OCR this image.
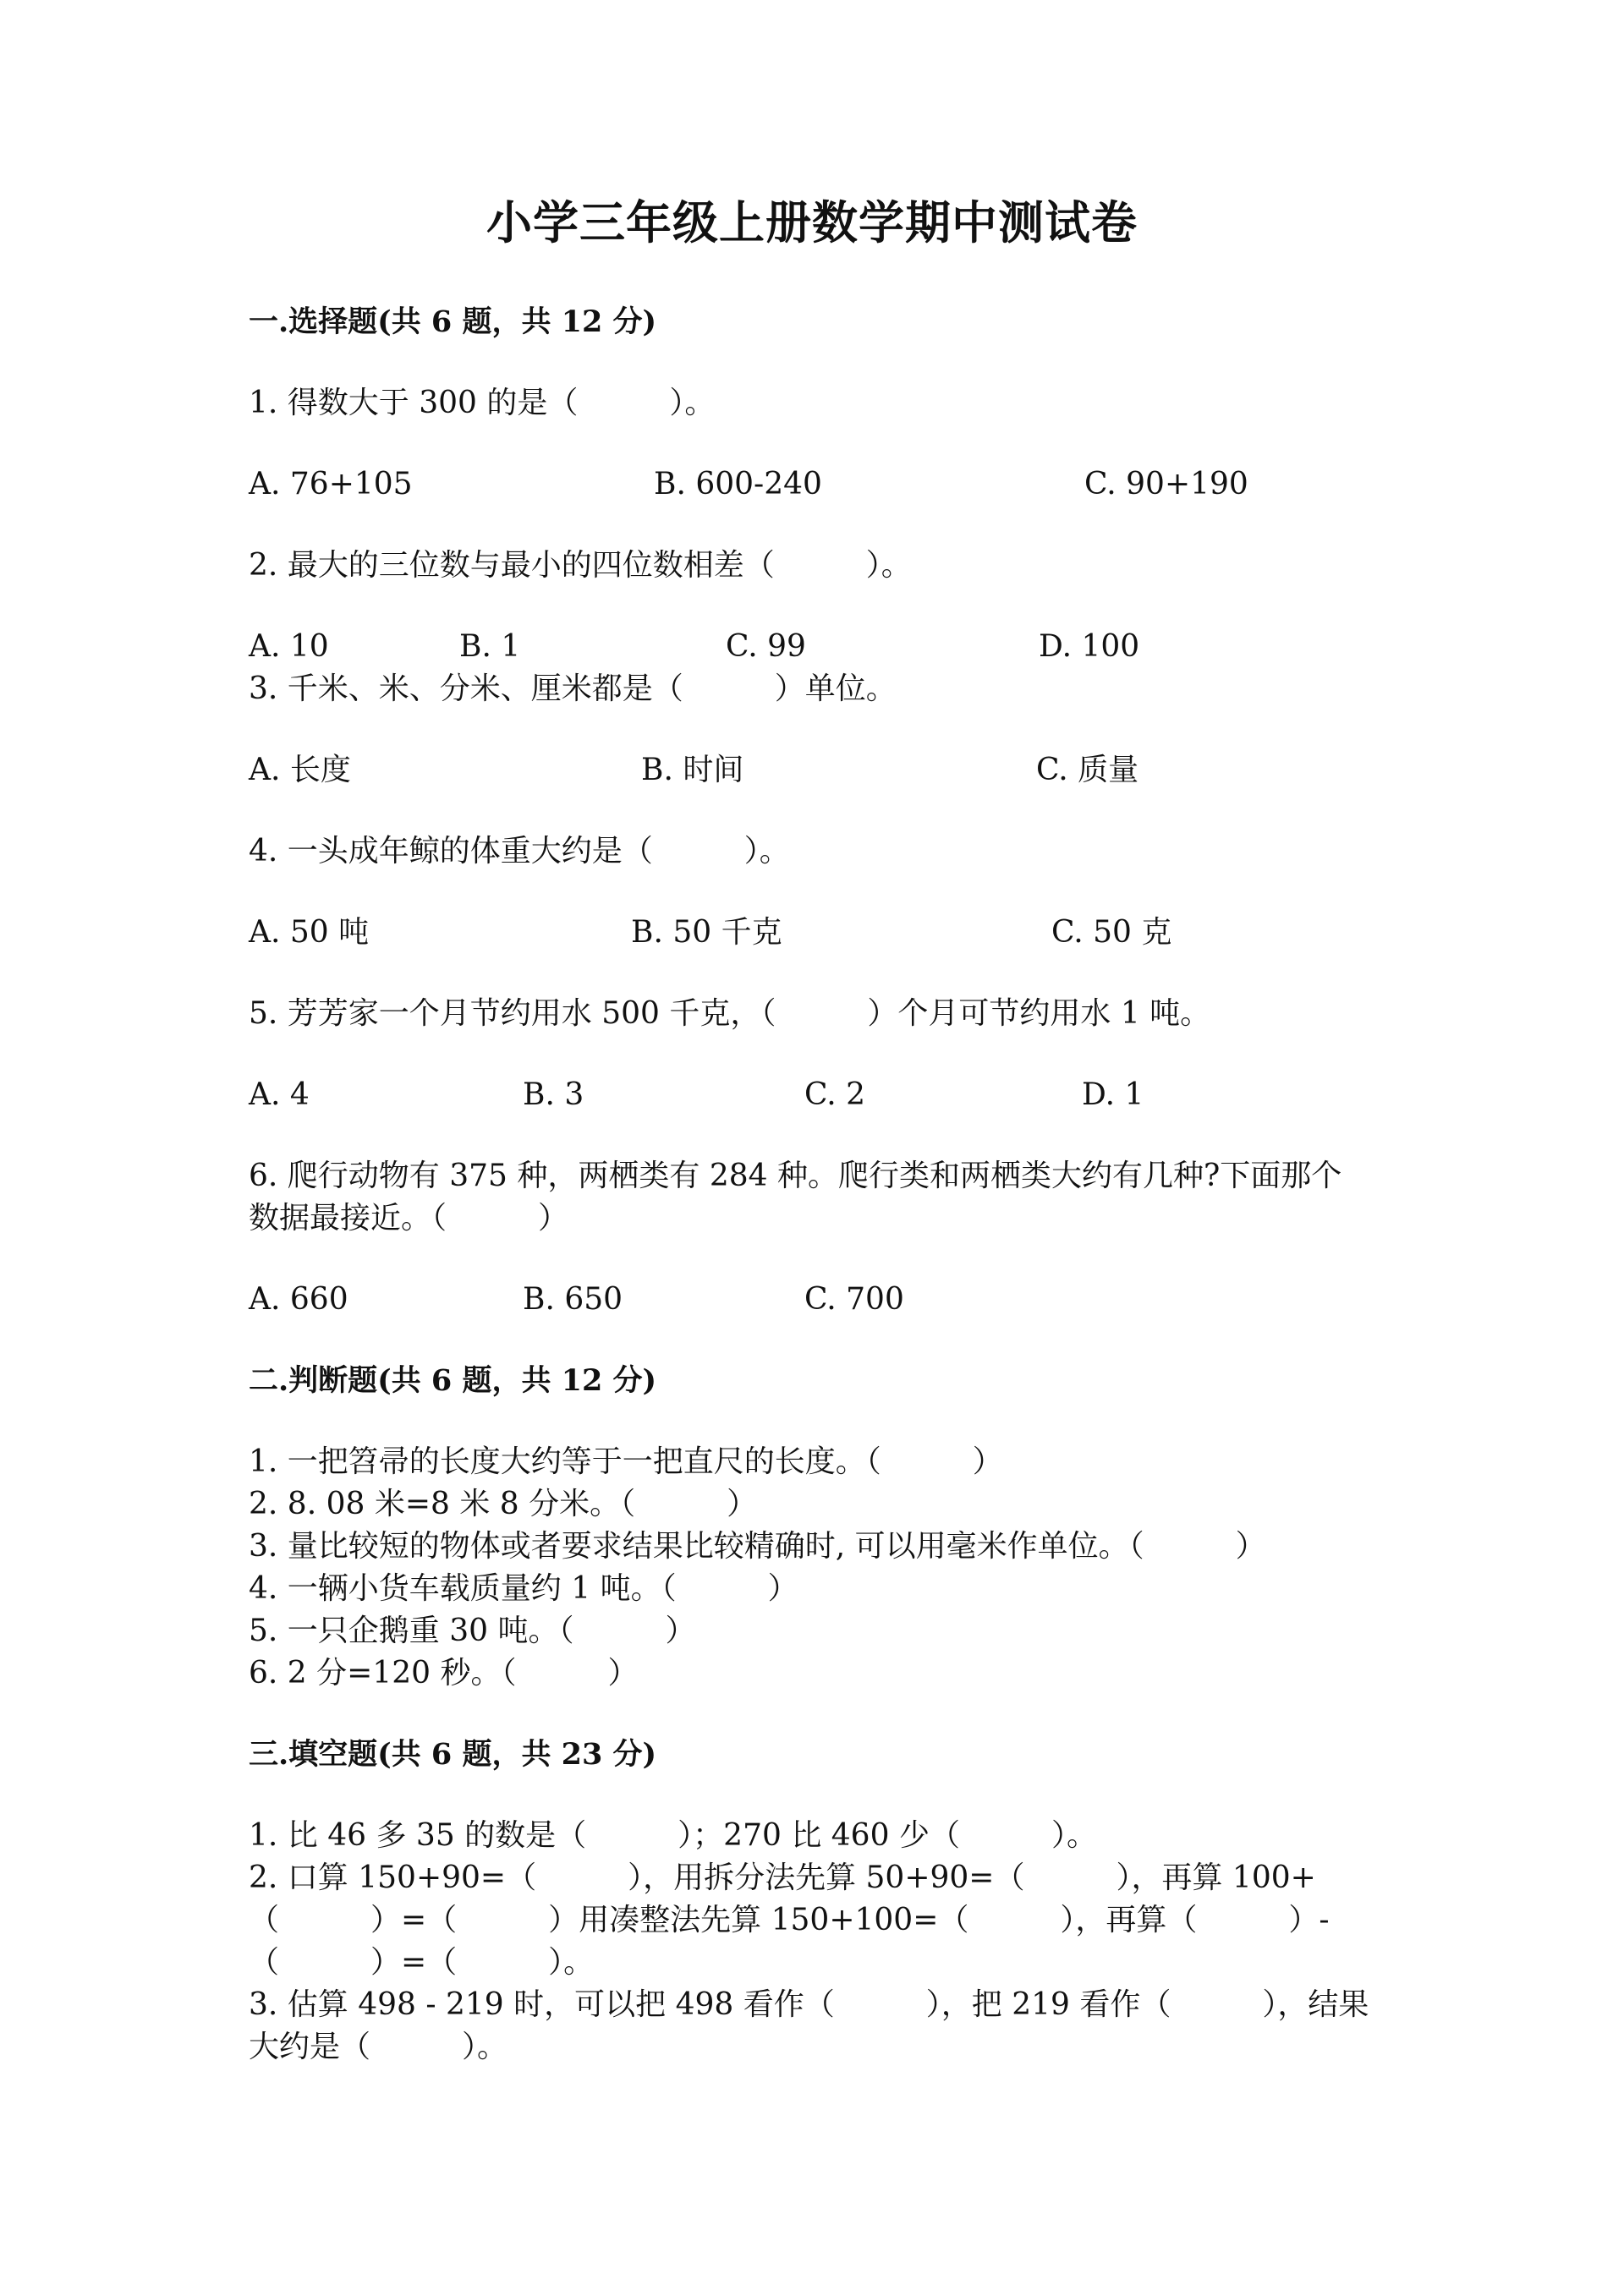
小学三年级上册数学期中测试卷
一.选择题(共 6 题，共 12 分)
1. 得数大于 300 的是（　　　）。
A. 76+105	B. 600-240	C. 90+190
2. 最大的三位数与最小的四位数相差（　　　）。
A. 10	B. 1	C. 99	D. 100
3. 千米、米、分米、厘米都是（　　　）单位。
A. 长度	B. 时间	C. 质量
4. 一头成年鲸的体重大约是（　　　）。
A. 50 吨	B. 50 千克	C. 50 克
5. 芳芳家一个月节约用水 500 千克，（　　　）个月可节约用水 1 吨。
A. 4	B. 3	C. 2	D. 1
6. 爬行动物有 375 种，两栖类有 284 种。爬行类和两栖类大约有几种?下面那个
数据最接近。（　　　）
A. 660	B. 650	C. 700
二.判断题(共 6 题，共 12 分)
1. 一把笤帚的长度大约等于一把直尺的长度。（　　　）
2. 8. 08 米=8 米 8 分米。（　　　）
3. 量比较短的物体或者要求结果比较精确时, 可以用毫米作单位。（　　　）
4. 一辆小货车载质量约 1 吨。（　　　）
5. 一只企鹅重 30 吨。（　　　）
6. 2 分=120 秒。（　　　）
三.填空题(共 6 题，共 23 分)
1. 比 46 多 35 的数是（　　　）；270 比 460 少（　　　）。
2. 口算 150+90=（　　　），用拆分法先算 50+90=（　　　），再算 100+
（　　　）=（　　　）用凑整法先算 150+100=（　　　），再算（　　　）-
（　　　）=（　　　）。
3. 估算 498 - 219 时，可以把 498 看作（　　　），把 219 看作（　　　），结果
大约是（　　　）。
